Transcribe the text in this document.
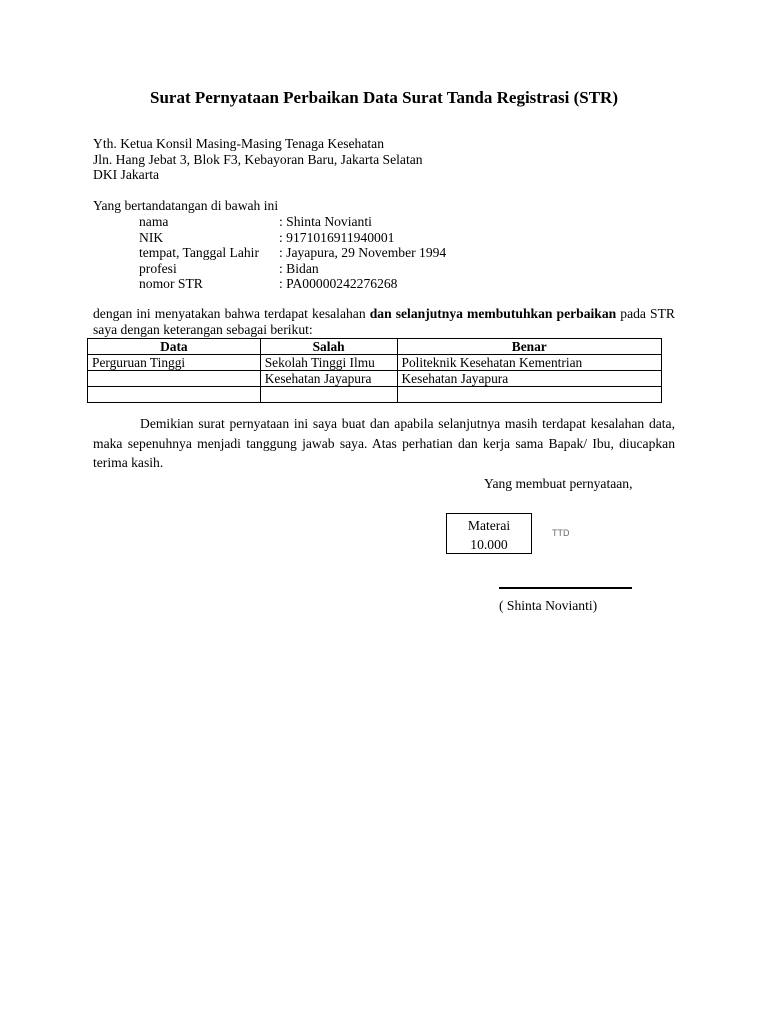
Surat Pernyataan Perbaikan Data Surat Tanda Registrasi (STR)
Yth. Ketua Konsil Masing-Masing Tenaga Kesehatan
Jln. Hang Jebat 3, Blok F3, Kebayoran Baru, Jakarta Selatan
DKI Jakarta
Yang bertandatangan di bawah ini
nama	: Shinta Novianti
NIK	: 9171016911940001
tempat, Tanggal Lahir	: Jayapura, 29 November 1994
profesi	: Bidan
nomor STR	: PA00000242276268
dengan ini menyatakan bahwa terdapat kesalahan dan selanjutnya membutuhkan perbaikan pada STR saya dengan keterangan sebagai berikut:
Data	Salah	Benar
Perguruan Tinggi	Sekolah Tinggi Ilmu	Politeknik Kesehatan Kementrian
	Kesehatan Jayapura	Kesehatan Jayapura

Demikian surat pernyataan ini saya buat dan apabila selanjutnya masih terdapat kesalahan data, maka sepenuhnya menjadi tanggung jawab saya. Atas perhatian dan kerja sama Bapak/ Ibu, diucapkan terima kasih.
Yang membuat pernyataan,
Materai
10.000
TTD
( Shinta Novianti)
